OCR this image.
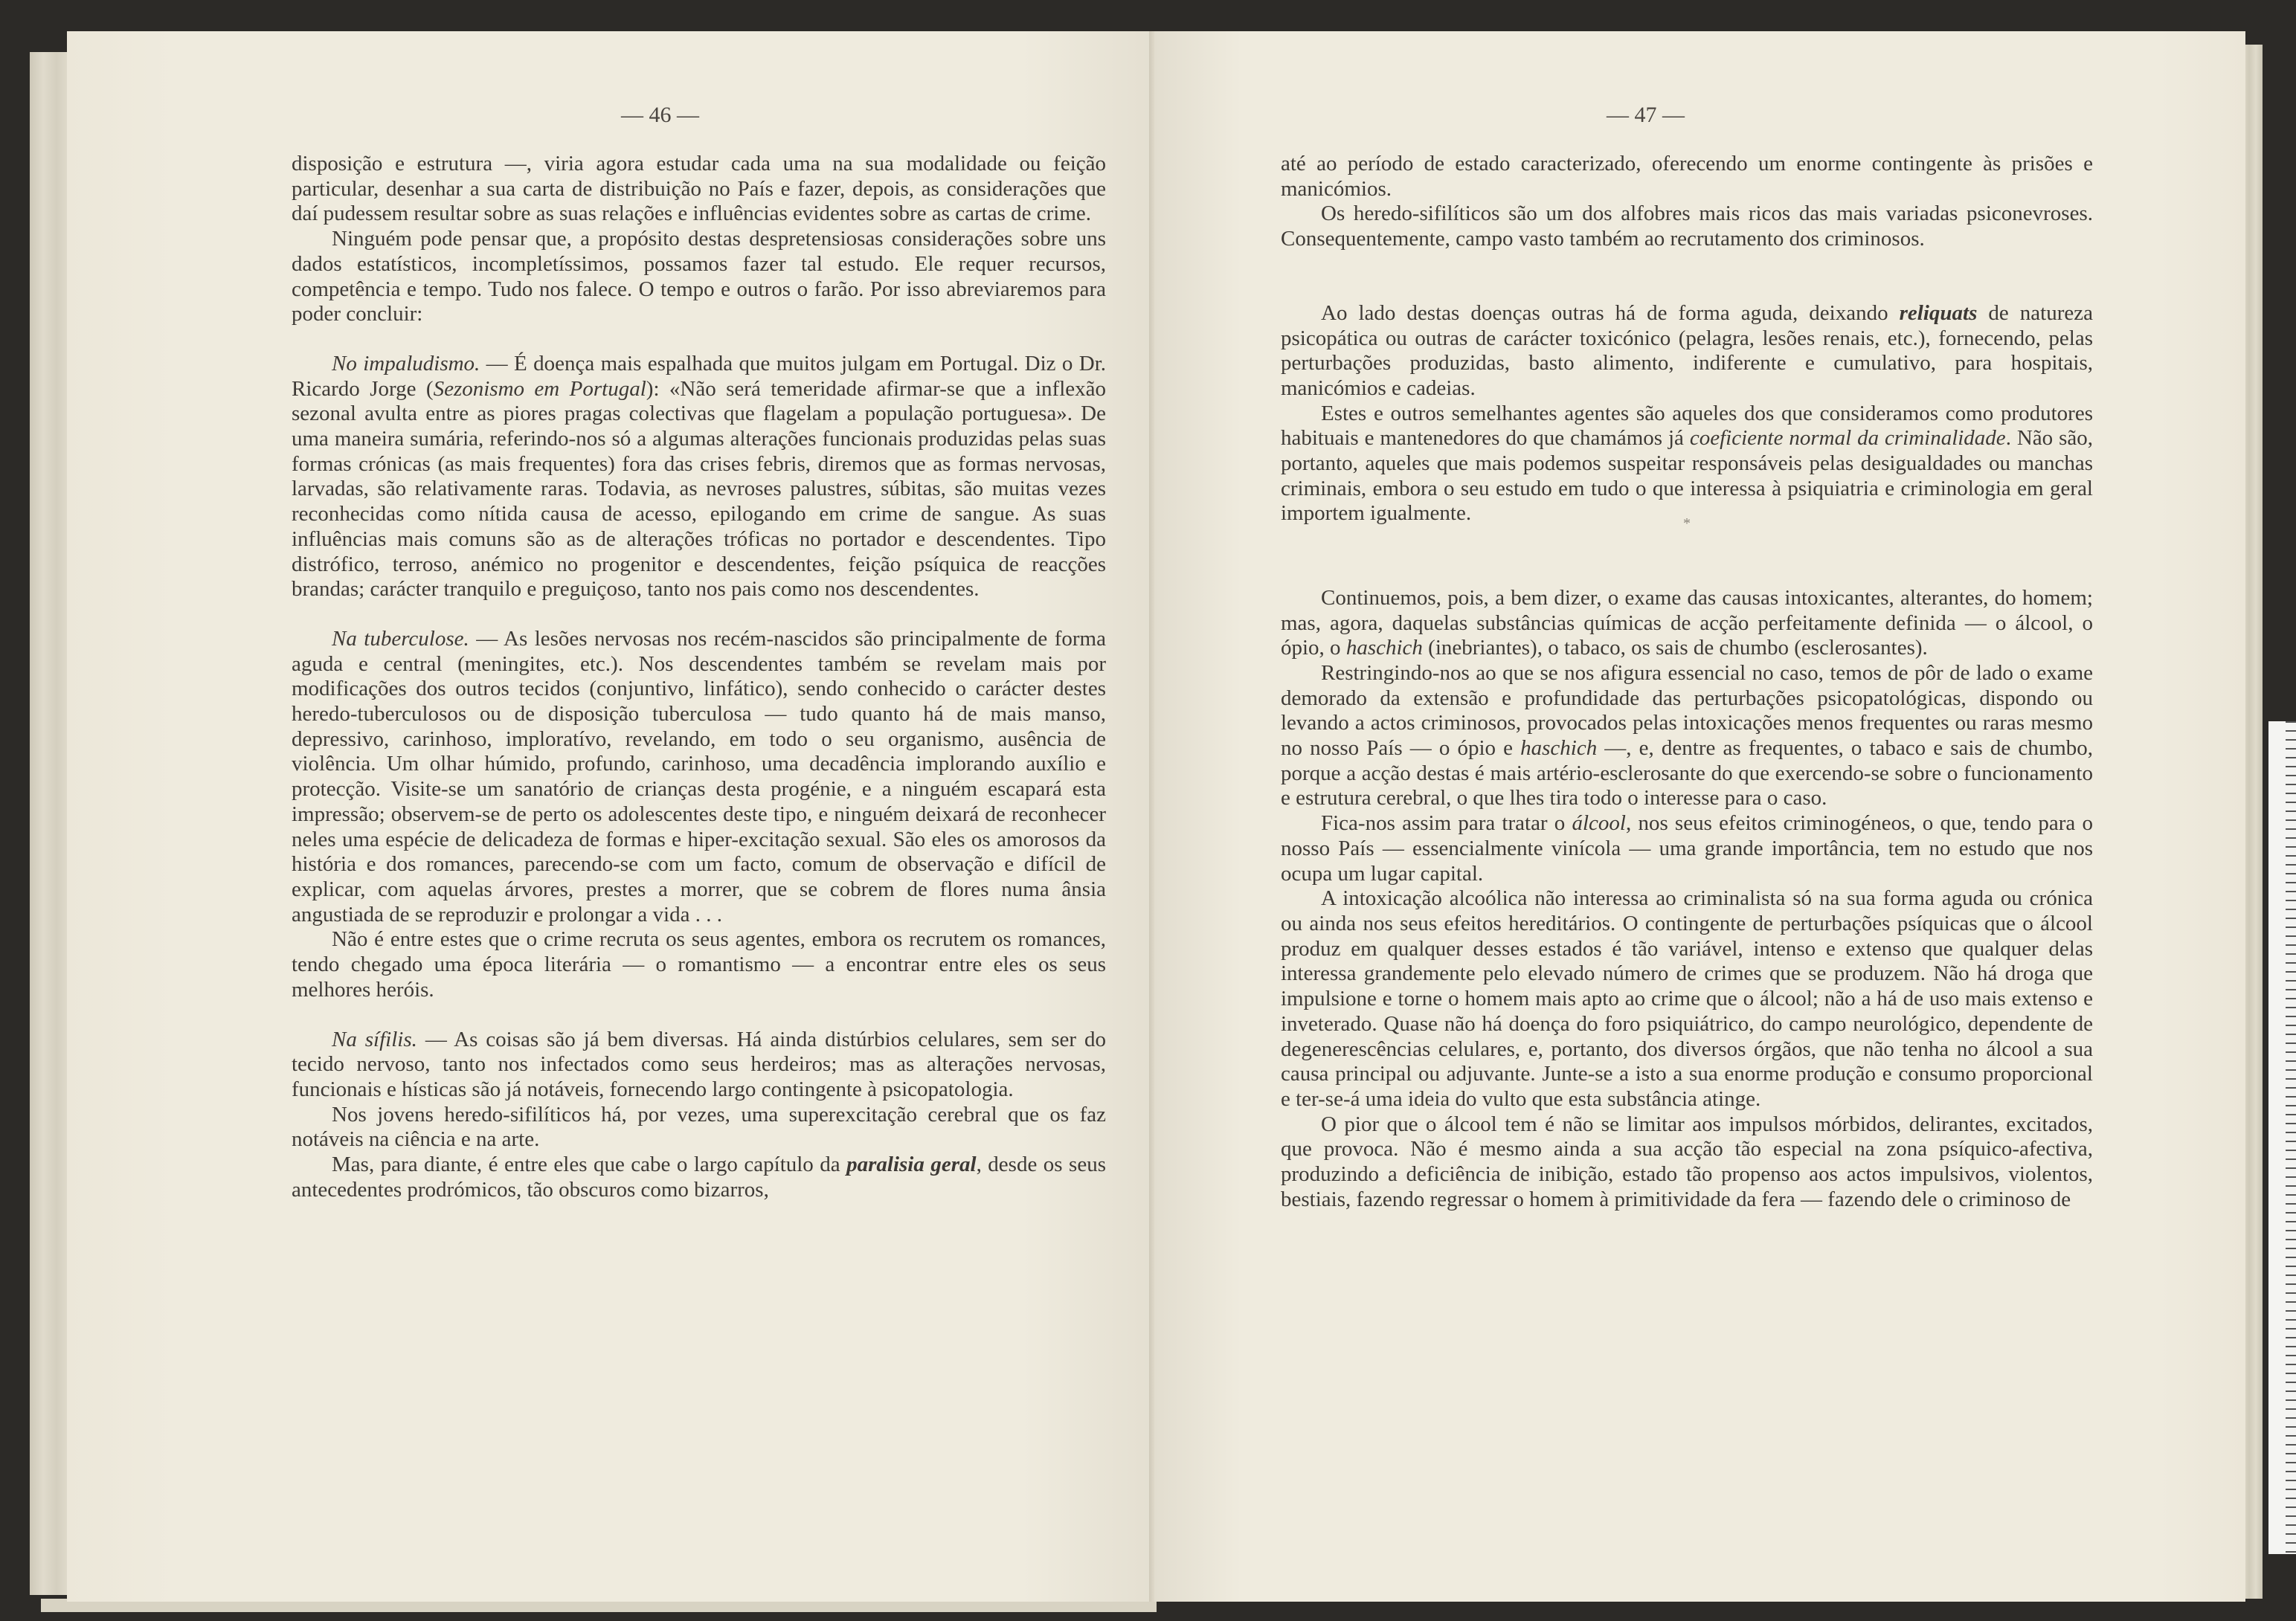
— 46 —

disposição e estrutura —, viria agora estudar cada uma na sua modalidade ou feição particular, desenhar a sua carta de distribuição no País e fazer, depois, as considerações que daí pudessem resultar sobre as suas relações e influências evidentes sobre as cartas de crime.

Ninguém pode pensar que, a propósito destas despretensiosas considerações sobre uns dados estatísticos, incompletíssimos, possamos fazer tal estudo. Ele requer recursos, competência e tempo. Tudo nos falece. O tempo e outros o farão. Por isso abreviaremos para poder concluir:

No impaludismo. — É doença mais espalhada que muitos julgam em Portugal. Diz o Dr. Ricardo Jorge (Sezonismo em Portugal): «Não será temeridade afirmar-se que a inflexão sezonal avulta entre as piores pragas colectivas que flagelam a população portuguesa». De uma maneira sumária, referindo-nos só a algumas alterações funcionais produzidas pelas suas formas crónicas (as mais frequentes) fora das crises febris, diremos que as formas nervosas, larvadas, são relativamente raras. Todavia, as nevroses palustres, súbitas, são muitas vezes reconhecidas como nítida causa de acesso, epilogando em crime de sangue. As suas influências mais comuns são as de alterações tróficas no portador e descendentes. Tipo distrófico, terroso, anémico no progenitor e descendentes, feição psíquica de reacções brandas; carácter tranquilo e preguiçoso, tanto nos pais como nos descendentes.

Na tuberculose. — As lesões nervosas nos recém-nascidos são principalmente de forma aguda e central (meningites, etc.). Nos descendentes também se revelam mais por modificações dos outros tecidos (conjuntivo, linfático), sendo conhecido o carácter destes heredo-tuberculosos ou de disposição tuberculosa — tudo quanto há de mais manso, depressivo, carinhoso, imploratívo, revelando, em todo o seu organismo, ausência de violência. Um olhar húmido, profundo, carinhoso, uma decadência implorando auxílio e protecção. Visite-se um sanatório de crianças desta progénie, e a ninguém escapará esta impressão; observem-se de perto os adolescentes deste tipo, e ninguém deixará de reconhecer neles uma espécie de delicadeza de formas e hiper-excitação sexual. São eles os amorosos da história e dos romances, parecendo-se com um facto, comum de observação e difícil de explicar, com aquelas árvores, prestes a morrer, que se cobrem de flores numa ânsia angustiada de se reproduzir e prolongar a vida . . .

Não é entre estes que o crime recruta os seus agentes, embora os recrutem os romances, tendo chegado uma época literária — o romantismo — a encontrar entre eles os seus melhores heróis.

Na sífilis. — As coisas são já bem diversas. Há ainda distúrbios celulares, sem ser do tecido nervoso, tanto nos infectados como seus herdeiros; mas as alterações nervosas, funcionais e hísticas são já notáveis, fornecendo largo contingente à psicopatologia.

Nos jovens heredo-sifilíticos há, por vezes, uma superexcitação cerebral que os faz notáveis na ciência e na arte.

Mas, para diante, é entre eles que cabe o largo capítulo da paralisia geral, desde os seus antecedentes prodrómicos, tão obscuros como bizarros,

— 47 —

até ao período de estado caracterizado, oferecendo um enorme contingente às prisões e manicómios.

Os heredo-sifilíticos são um dos alfobres mais ricos das mais variadas psiconevroses. Consequentemente, campo vasto também ao recrutamento dos criminosos.

Ao lado destas doenças outras há de forma aguda, deixando reliquats de natureza psicopática ou outras de carácter toxicónico (pelagra, lesões renais, etc.), fornecendo, pelas perturbações produzidas, basto alimento, indiferente e cumulativo, para hospitais, manicómios e cadeias.

Estes e outros semelhantes agentes são aqueles dos que consideramos como produtores habituais e mantenedores do que chamámos já coeficiente normal da criminalidade. Não são, portanto, aqueles que mais podemos suspeitar responsáveis pelas desigualdades ou manchas criminais, embora o seu estudo em tudo o que interessa à psiquiatria e criminologia em geral importem igualmente.	*

Continuemos, pois, a bem dizer, o exame das causas intoxicantes, alterantes, do homem; mas, agora, daquelas substâncias químicas de acção perfeitamente definida — o álcool, o ópio, o haschich (inebriantes), o tabaco, os sais de chumbo (esclerosantes).

Restringindo-nos ao que se nos afigura essencial no caso, temos de pôr de lado o exame demorado da extensão e profundidade das perturbações psicopatológicas, dispondo ou levando a actos criminosos, provocados pelas intoxicações menos frequentes ou raras mesmo no nosso País — o ópio e haschich —, e, dentre as frequentes, o tabaco e sais de chumbo, porque a acção destas é mais artério-esclerosante do que exercendo-se sobre o funcionamento e estrutura cerebral, o que lhes tira todo o interesse para o caso.

Fica-nos assim para tratar o álcool, nos seus efeitos criminogéneos, o que, tendo para o nosso País — essencialmente vinícola — uma grande importância, tem no estudo que nos ocupa um lugar capital.

A intoxicação alcoólica não interessa ao criminalista só na sua forma aguda ou crónica ou ainda nos seus efeitos hereditários. O contingente de perturbações psíquicas que o álcool produz em qualquer desses estados é tão variável, intenso e extenso que qualquer delas interessa grandemente pelo elevado número de crimes que se produzem. Não há droga que impulsione e torne o homem mais apto ao crime que o álcool; não a há de uso mais extenso e inveterado. Quase não há doença do foro psiquiátrico, do campo neurológico, dependente de degenerescências celulares, e, portanto, dos diversos órgãos, que não tenha no álcool a sua causa principal ou adjuvante. Junte-se a isto a sua enorme produção e consumo proporcional e ter-se-á uma ideia do vulto que esta substância atinge.

O pior que o álcool tem é não se limitar aos impulsos mórbidos, delirantes, excitados, que provoca. Não é mesmo ainda a sua acção tão especial na zona psíquico-afectiva, produzindo a deficiência de inibição, estado tão propenso aos actos impulsivos, violentos, bestiais, fazendo regressar o homem à primitividade da fera — fazendo dele o criminoso de
